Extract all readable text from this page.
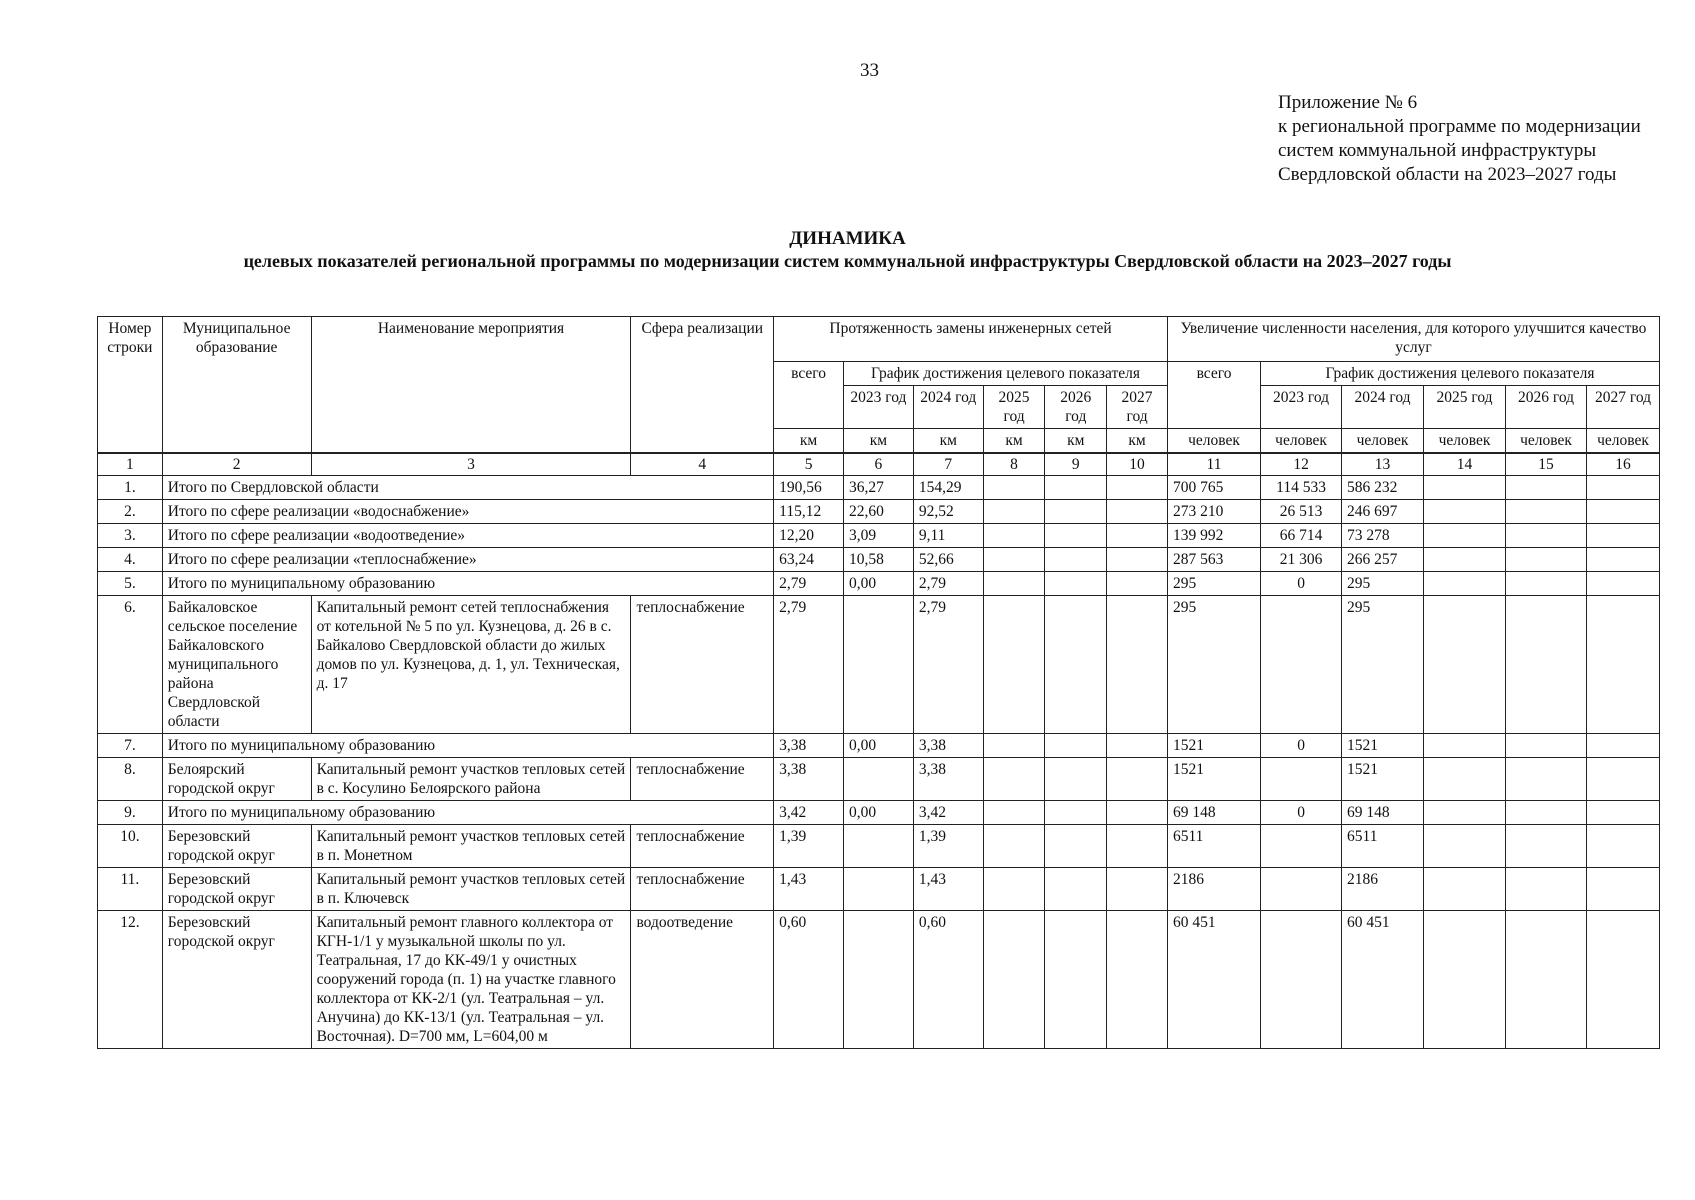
33
Приложение № 6
к региональной программе по модернизации
систем коммунальной инфраструктуры
Свердловской области на 2023–2027 годы
ДИНАМИКА
целевых показателей региональной программы по модернизации систем коммунальной инфраструктуры Свердловской области на 2023–2027 годы
Номер строки	Муниципальное образование	Наименование мероприятия	Сфера реализации	Протяженность замены инженерных сетей						Увеличение численности населения, для которого улучшится качество услуг					
				всего	График достижения целевого показателя					всего	График достижения целевого показателя				
					2023 год	2024 год	2025 год	2026 год	2027 год		2023 год	2024 год	2025 год	2026 год	2027 год
				км	км	км	км	км	км	человек	человек	человек	человек	человек	человек
1	2	3	4	5	6	7	8	9	10	11	12	13	14	15	16
1.	Итого по Свердловской области			190,56	36,27	154,29				700 765	114 533	586 232			
2.	Итого по сфере реализации «водоснабжение»			115,12	22,60	92,52				273 210	26 513	246 697			
3.	Итого по сфере реализации «водоотведение»			12,20	3,09	9,11				139 992	66 714	73 278			
4.	Итого по сфере реализации «теплоснабжение»			63,24	10,58	52,66				287 563	21 306	266 257			
5.	Итого по муниципальному образованию			2,79	0,00	2,79				295	0	295			
6.	Байкаловское сельское поселение Байкаловского муниципального района Свердловской области	Капитальный ремонт сетей теплоснабжения от котельной № 5 по ул. Кузнецова, д. 26 в с. Байкалово Свердловской области до жилых домов по ул. Кузнецова, д. 1, ул. Техническая, д. 17	теплоснабжение	2,79		2,79				295		295			
7.	Итого по муниципальному образованию			3,38	0,00	3,38				1521	0	1521			
8.	Белоярский городской округ	Капитальный ремонт участков тепловых сетей в с. Косулино Белоярского района	теплоснабжение	3,38		3,38				1521		1521			
9.	Итого по муниципальному образованию			3,42	0,00	3,42				69 148	0	69 148			
10.	Березовский городской округ	Капитальный ремонт участков тепловых сетей в п. Монетном	теплоснабжение	1,39		1,39				6511		6511			
11.	Березовский городской округ	Капитальный ремонт участков тепловых сетей в п. Ключевск	теплоснабжение	1,43		1,43				2186		2186			
12.	Березовский городской округ	Капитальный ремонт главного коллектора от КГН-1/1 у музыкальной школы по ул. Театральная, 17 до КК-49/1 у очистных сооружений города (п. 1) на участке главного коллектора от КК-2/1 (ул. Театральная – ул. Анучина) до КК-13/1 (ул. Театральная – ул. Восточная). D=700 мм, L=604,00 м	водоотведение	0,60		0,60				60 451		60 451			
